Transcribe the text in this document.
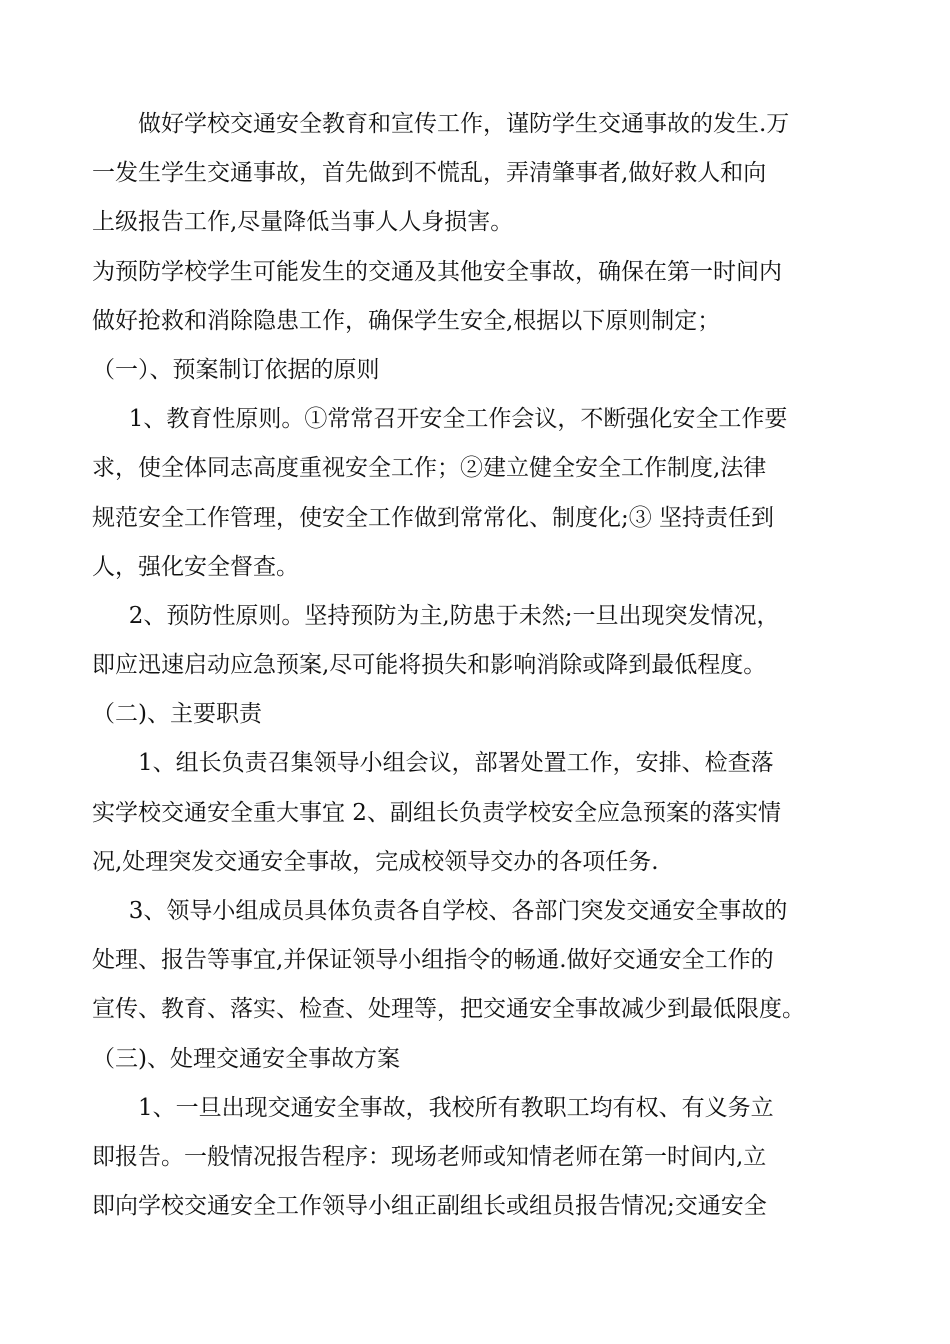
做好学校交通安全教育和宣传工作，谨防学生交通事故的发生.万
一发生学生交通事故，首先做到不慌乱，弄清肇事者,做好救人和向
上级报告工作,尽量降低当事人人身损害。
为预防学校学生可能发生的交通及其他安全事故，确保在第一时间内
做好抢救和消除隐患工作，确保学生安全,根据以下原则制定；
（一）、预案制订依据的原则
1、教育性原则。①常常召开安全工作会议，不断强化安全工作要
求，使全体同志高度重视安全工作；②建立健全安全工作制度,法律
规范安全工作管理，使安全工作做到常常化、制度化;③ 坚持责任到
人，强化安全督查。
2、预防性原则。坚持预防为主,防患于未然;一旦出现突发情况，
即应迅速启动应急预案,尽可能将损失和影响消除或降到最低程度。
（二)、主要职责
1、组长负责召集领导小组会议，部署处置工作，安排、检查落
实学校交通安全重大事宜 2、副组长负责学校安全应急预案的落实情
况,处理突发交通安全事故，完成校领导交办的各项任务.
3、领导小组成员具体负责各自学校、各部门突发交通安全事故的
处理、报告等事宜,并保证领导小组指令的畅通.做好交通安全工作的
宣传、教育、落实、检查、处理等，把交通安全事故减少到最低限度。
（三)、处理交通安全事故方案
1、一旦出现交通安全事故，我校所有教职工均有权、有义务立
即报告。一般情况报告程序：现场老师或知情老师在第一时间内,立
即向学校交通安全工作领导小组正副组长或组员报告情况;交通安全
